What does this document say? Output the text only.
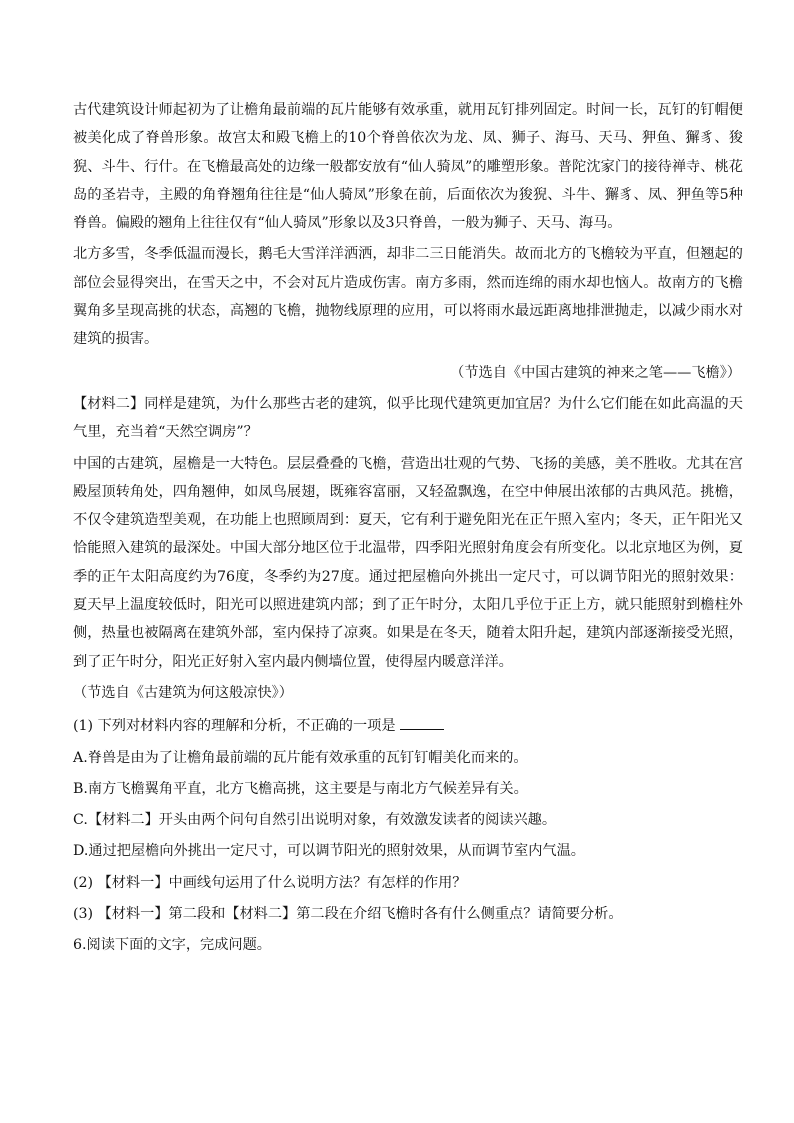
古代建筑设计师起初为了让檐角最前端的瓦片能够有效承重，就用瓦钉排列固定。时间一长，瓦钉的钉帽便被美化成了脊兽形象。故宫太和殿飞檐上的10个脊兽依次为龙、凤、狮子、海马、天马、狎鱼、獬豸、狻猊、斗牛、行什。在飞檐最高处的边缘一般都安放有“仙人骑凤”的雕塑形象。普陀沈家门的接待禅寺、桃花岛的圣岩寺，主殿的角脊翘角往往是“仙人骑凤”形象在前，后面依次为狻猊、斗牛、獬豸、凤、狎鱼等5种脊兽。偏殿的翘角上往往仅有“仙人骑凤”形象以及3只脊兽，一般为狮子、天马、海马。

北方多雪，冬季低温而漫长，鹅毛大雪洋洋洒洒，却非二三日能消失。故而北方的飞檐较为平直，但翘起的部位会显得突出，在雪天之中，不会对瓦片造成伤害。南方多雨，然而连绵的雨水却也恼人。故南方的飞檐翼角多呈现高挑的状态，高翘的飞檐，抛物线原理的应用，可以将雨水最远距离地排泄抛走，以减少雨水对建筑的损害。

（节选自《中国古建筑的神来之笔——飞檐》）

【材料二】同样是建筑，为什么那些古老的建筑，似乎比现代建筑更加宜居？为什么它们能在如此高温的天气里，充当着“天然空调房”？

中国的古建筑，屋檐是一大特色。层层叠叠的飞檐，营造出壮观的气势、飞扬的美感，美不胜收。尤其在宫殿屋顶转角处，四角翘伸，如凤鸟展翅，既雍容富丽，又轻盈飘逸，在空中伸展出浓郁的古典风范。挑檐，不仅令建筑造型美观，在功能上也照顾周到：夏天，它有利于避免阳光在正午照入室内；冬天，正午阳光又恰能照入建筑的最深处。中国大部分地区位于北温带，四季阳光照射角度会有所变化。以北京地区为例，夏季的正午太阳高度约为76度，冬季约为27度。通过把屋檐向外挑出一定尺寸，可以调节阳光的照射效果：夏天早上温度较低时，阳光可以照进建筑内部；到了正午时分，太阳几乎位于正上方，就只能照射到檐柱外侧，热量也被隔离在建筑外部，室内保持了凉爽。如果是在冬天，随着太阳升起，建筑内部逐渐接受光照，到了正午时分，阳光正好射入室内最内侧墙位置，使得屋内暖意洋洋。

（节选自《古建筑为何这般凉快》）

(1) 下列对材料内容的理解和分析，不正确的一项是

A.脊兽是由为了让檐角最前端的瓦片能有效承重的瓦钉钉帽美化而来的。

B.南方飞檐翼角平直，北方飞檐高挑，这主要是与南北方气候差异有关。

C.【材料二】开头由两个问句自然引出说明对象，有效激发读者的阅读兴趣。

D.通过把屋檐向外挑出一定尺寸，可以调节阳光的照射效果，从而调节室内气温。

(2) 【材料一】中画线句运用了什么说明方法？有怎样的作用？

(3) 【材料一】第二段和【材料二】第二段在介绍飞檐时各有什么侧重点？请简要分析。

6.阅读下面的文字，完成问题。
